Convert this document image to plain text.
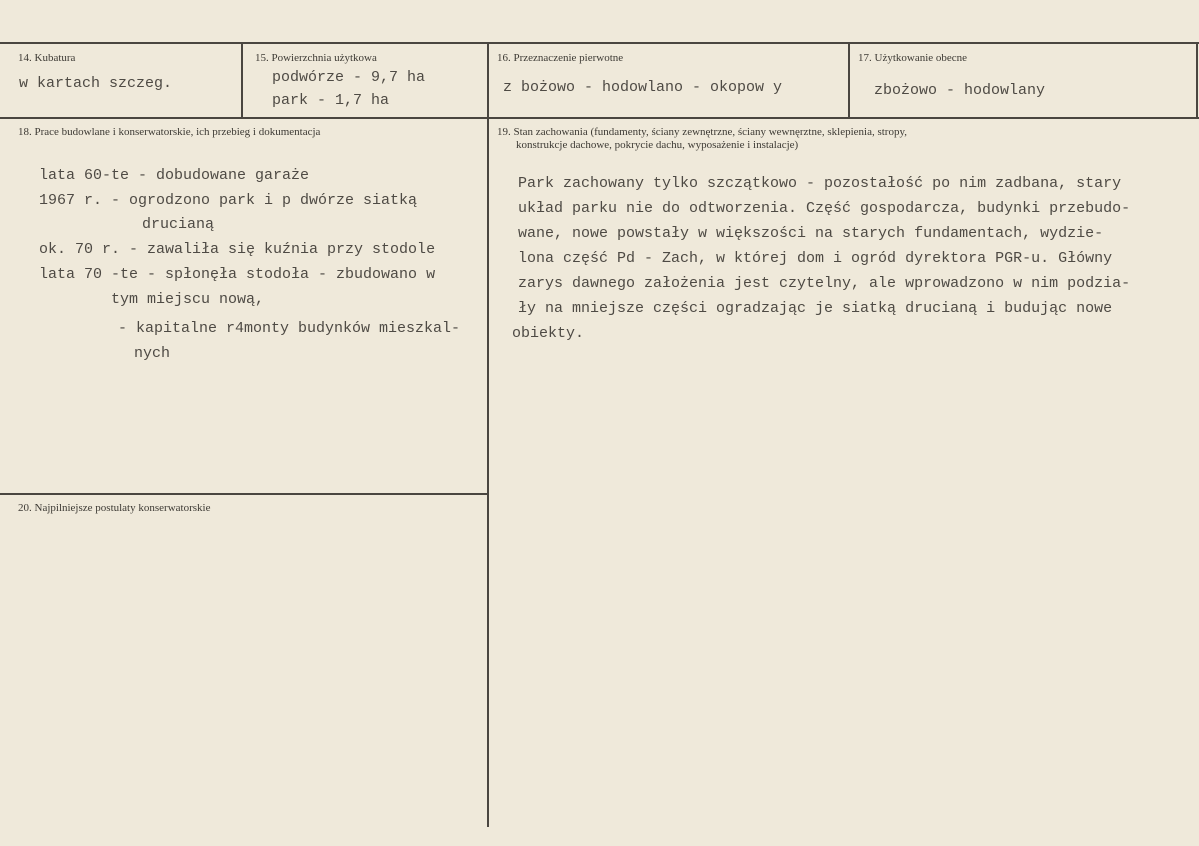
14. Kubatura
w kartach szczeg.
15. Powierzchnia użytkowa
podwórze - 9,7 ha
park - 1,7 ha
16. Przeznaczenie pierwotne
z bożowo - hodowlano - okopow y
17. Użytkowanie obecne
zbożowo - hodowlany
18. Prace budowlane i konserwatorskie, ich przebieg i dokumentacja
lata 60-te - dobudowane garaże
1967 r. - ogrodzono park i p dwórze siatką
drucianą
ok. 70 r. - zawaliła się kuźnia przy stodole
lata 70 -te - spłonęła stodoła - zbudowano w
tym miejscu nową,
- kapitalne r4monty budynków mieszkal-
nych
19. Stan zachowania (fundamenty, ściany zewnętrzne, ściany wewnęrztne, sklepienia, stropy,
konstrukcje dachowe, pokrycie dachu, wyposażenie i instalacje)
Park zachowany tylko szczątkowo - pozostałość po nim zadbana, stary
układ parku nie do odtworzenia. Część gospodarcza, budynki przebudo-
wane, nowe powstały w większości na starych fundamentach, wydzie-
lona część Pd - Zach, w której dom i ogród dyrektora PGR-u. Główny
zarys dawnego założenia jest czytelny, ale wprowadzono w nim podzia-
ły na mniejsze części ogradzając je siatką drucianą i budując nowe
obiekty.
20. Najpilniejsze postulaty konserwatorskie
